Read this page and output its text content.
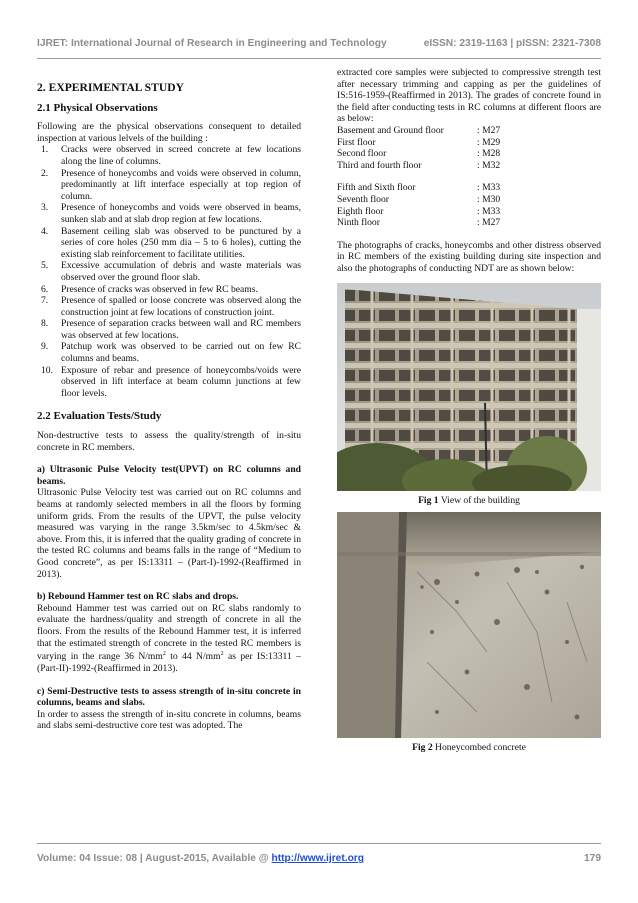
IJRET: International Journal of Research in Engineering and Technology	eISSN: 2319-1163 | pISSN: 2321-7308
2. EXPERIMENTAL STUDY
2.1 Physical Observations

Following are the physical observations consequent to detailed inspection at various lelvels of the building :

1.	Cracks were observed in screed concrete at few locations along the line of columns.
2.	Presence of honeycombs and voids were observed in column, predominantly at lift interface especially at top region of column.
3.	Presence of honeycombs and voids were observed in beams, sunken slab and at slab drop region at few locations.
4.	Basement ceiling slab was observed to be punctured by a series of core holes (250 mm dia – 5 to 6 holes), cutting the existing slab reinforcement to facilitate utilities.
5.	Excessive accumulation of debris and waste materials was observed over the ground floor slab.
6.	Presence of cracks was observed in few RC beams.
7.	Presence of spalled or loose concrete was observed along the construction joint at few locations of construction joint.
8.	Presence of separation cracks between wall and RC members was observed at few locations.
9.	Patchup work was observed to be carried out on few RC columns and beams.
10. Exposure of rebar and presence of honeycombs/voids were observed in lift interface at beam column junctions at few floor levels.
2.2 Evaluation Tests/Study

Non-destructive tests to assess the quality/strength of in-situ concrete in RC members.

a) Ultrasonic Pulse Velocity test(UPVT) on RC columns and beams.

Ultrasonic Pulse Velocity test was carried out on RC columns and beams at randomly selected members in all the floors by forming uniform grids. From the results of the UPVT, the pulse velocity measured was varying in the range 3.5km/sec to 4.5km/sec & above. From this, it is inferred that the quality grading of concrete in the tested RC columns and beams falls in the range of “Medium to Good concrete”, as per IS:13311 – (Part-I)-1992-(Reaffirmed in 2013).

b) Rebound Hammer test on RC slabs and drops.

Rebound Hammer test was carried out on RC slabs randomly to evaluate the hardness/quality and strength of concrete in all the floors. From the results of the Rebound Hammer test, it is inferred that the estimated strength of concrete in the tested RC members is varying in the range 36 $N/mm^2$ to 44 $N/mm^2$ as per IS:13311 – (Part-II)-1992-(Reaffirmed in 2013).

c) Semi-Destructive tests to assess strength of in-situ concrete in columns, beams and slabs.

In order to assess the strength of in-situ concrete in columns, beams and slabs semi-destructive core test was adopted. The

extracted core samples were subjected to compressive strength test after necessary trimming and capping as per the guidelines of IS:516-1959-(Reaffirmed in 2013). The grades of concrete found in the field after conducting tests in RC columns at different floors are as below:

Basement and Ground floor	: M27
First floor	: M29
Second floor	: M28
Third and fourth floor	: M32
Fifth and Sixth floor	: M33
Seventh floor	: M30
Eighth floor	: M33
Ninth floor	: M27

The photographs of cracks, honeycombs and other distress observed in RC members of the existing building during site inspection and also the photographs of conducting NDT are as shown below:

Fig 1 View of the building
Fig 2 Honeycombed concrete
Volume: 04 Issue: 08 | August-2015, Available @ http://www.ijret.org	179
